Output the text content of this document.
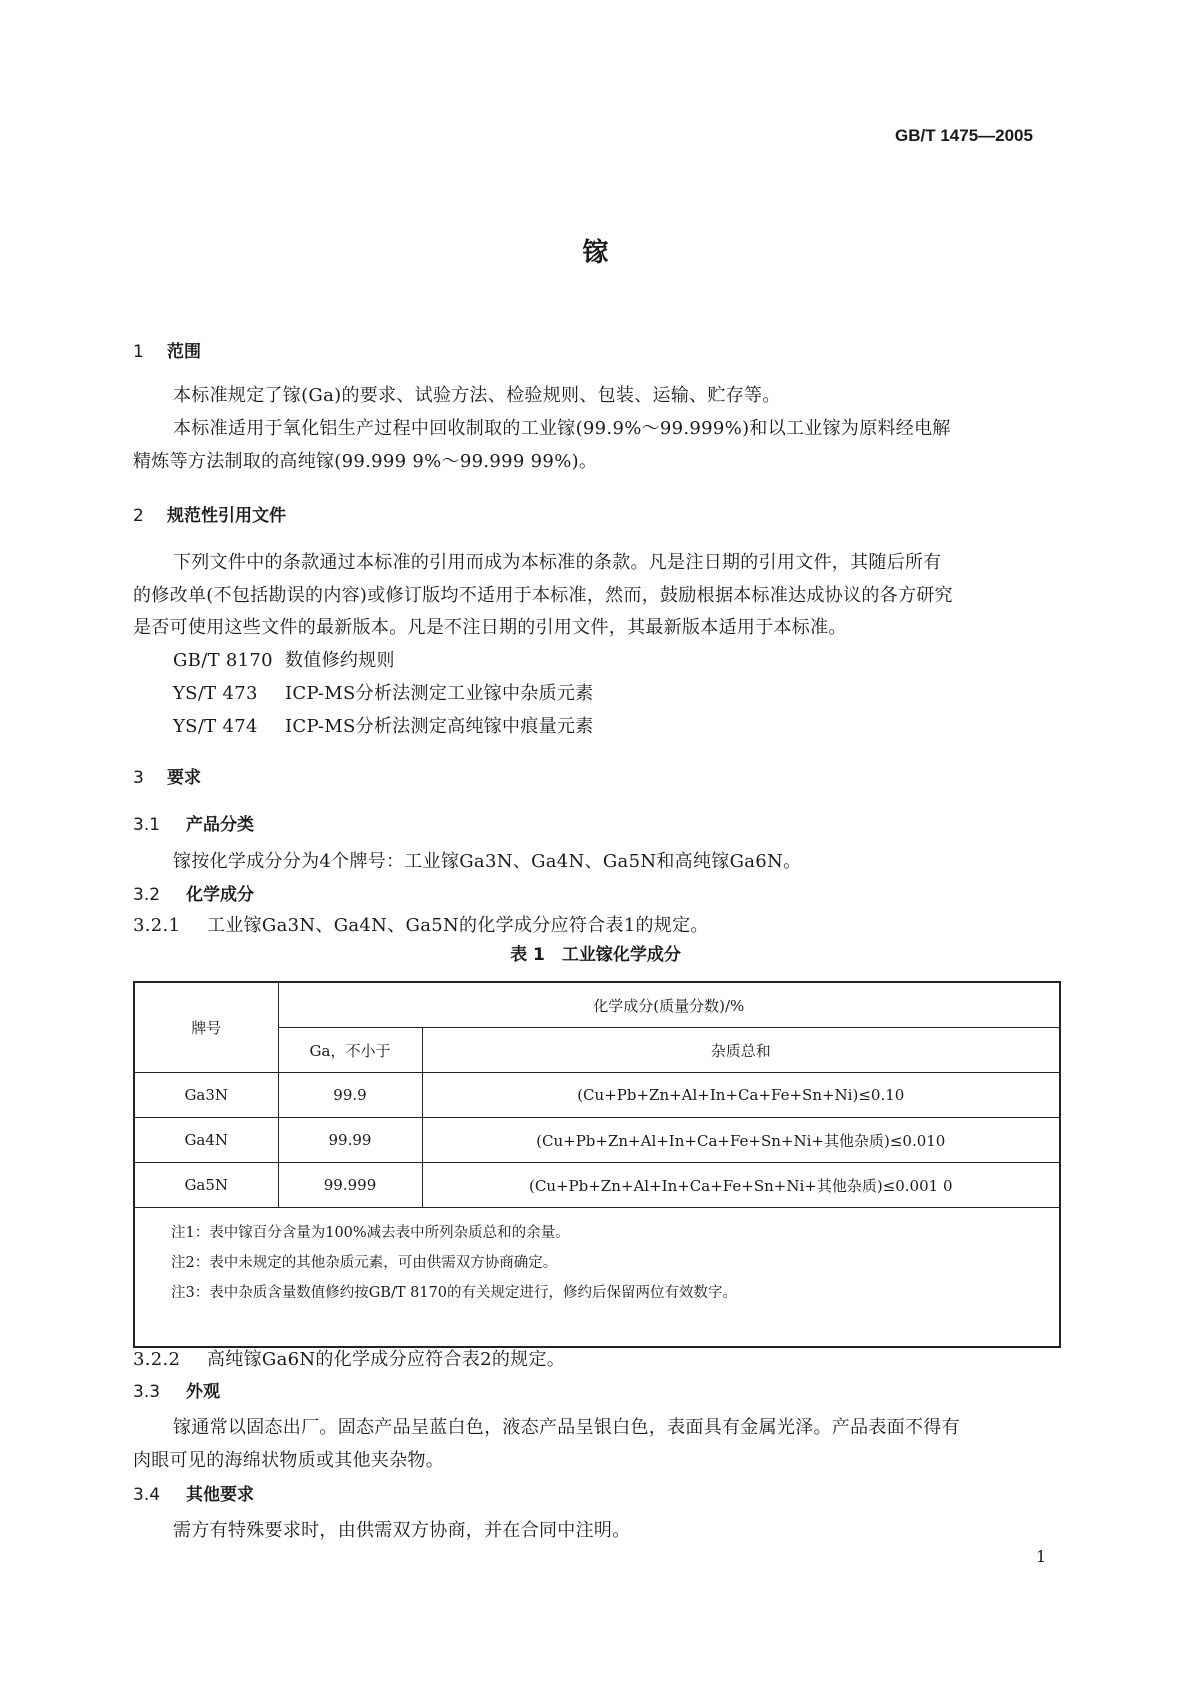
GB/T 1475—2005
镓
1 范围
本标准规定了镓(Ga)的要求、试验方法、检验规则、包装、运输、贮存等。
本标准适用于氧化铝生产过程中回收制取的工业镓(99.9%～99.999%)和以工业镓为原料经电解
精炼等方法制取的高纯镓(99.999 9%～99.999 99%)。
2 规范性引用文件
下列文件中的条款通过本标准的引用而成为本标准的条款。凡是注日期的引用文件，其随后所有
的修改单(不包括勘误的内容)或修订版均不适用于本标准，然而，鼓励根据本标准达成协议的各方研究
是否可使用这些文件的最新版本。凡是不注日期的引用文件，其最新版本适用于本标准。
GB/T 8170 数值修约规则
YS/T 473 ICP-MS分析法测定工业镓中杂质元素
YS/T 474 ICP-MS分析法测定高纯镓中痕量元素
3 要求
3.1 产品分类
镓按化学成分分为4个牌号：工业镓Ga3N、Ga4N、Ga5N和高纯镓Ga6N。
3.2 化学成分
3.2.1 工业镓Ga3N、Ga4N、Ga5N的化学成分应符合表1的规定。
表 1　工业镓化学成分
牌号	化学成分(质量分数)/%	
	Ga，不小于	杂质总和
Ga3N	99.9	(Cu+Pb+Zn+Al+In+Ca+Fe+Sn+Ni)≤0.10
Ga4N	99.99	(Cu+Pb+Zn+Al+In+Ca+Fe+Sn+Ni+其他杂质)≤0.010
Ga5N	99.999	(Cu+Pb+Zn+Al+In+Ca+Fe+Sn+Ni+其他杂质)≤0.001 0

注1：表中镓百分含量为100%减去表中所列杂质总和的余量。
注2：表中未规定的其他杂质元素，可由供需双方协商确定。
注3：表中杂质含量数值修约按GB/T 8170的有关规定进行，修约后保留两位有效数字。		
3.2.2 高纯镓Ga6N的化学成分应符合表2的规定。
3.3 外观
镓通常以固态出厂。固态产品呈蓝白色，液态产品呈银白色，表面具有金属光泽。产品表面不得有
肉眼可见的海绵状物质或其他夹杂物。
3.4 其他要求
需方有特殊要求时，由供需双方协商，并在合同中注明。
1
